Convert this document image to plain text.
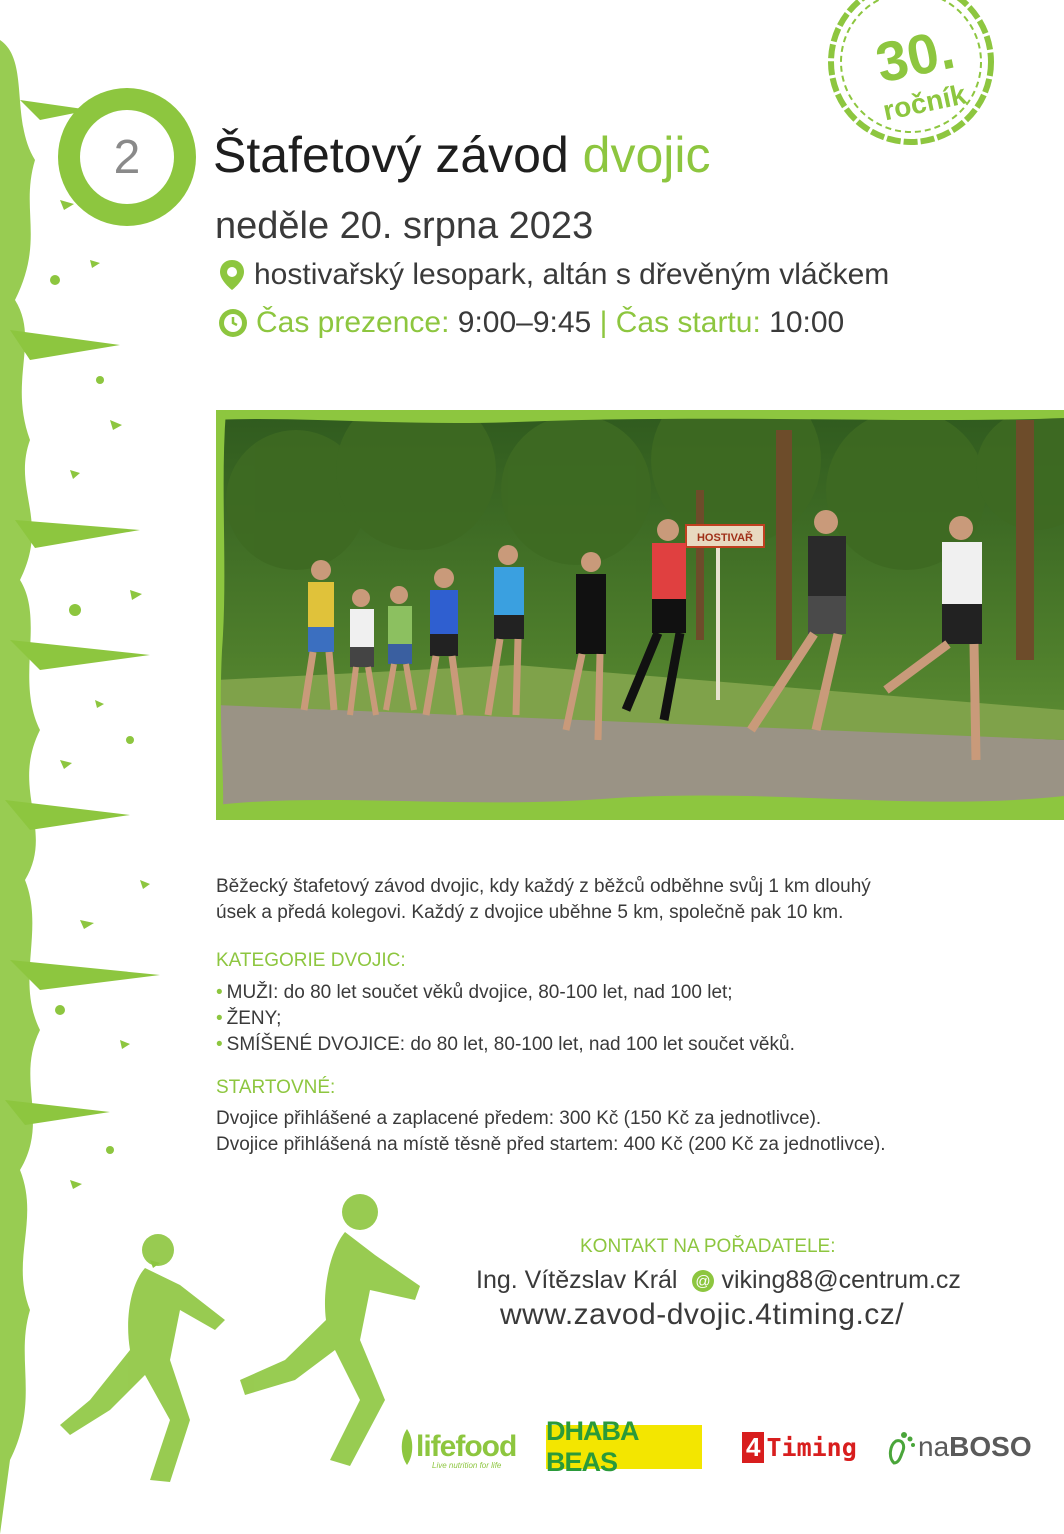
30.
ročník
2	Štafetový závod dvojic
neděle 20. srpna 2023
hostivařský lesopark, altán s dřevěným vláčkem
Čas prezence:
9:00–9:45
|
Čas startu:
10:00
HOSTIVAŘ
Běžecký štafetový závod dvojic, kdy každý z běžců odběhne svůj 1 km dlouhý
úsek a předá kolegovi. Každý z dvojice uběhne 5 km, společně pak 10 km.
KATEGORIE DVOJIC:
• MUŽI: do 80 let součet věků dvojice, 80-100 let, nad 100 let;
• ŽENY;
• SMÍŠENÉ DVOJICE: do 80 let, 80-100 let, nad 100 let součet věků.
STARTOVNÉ:
Dvojice přihlášené a zaplacené předem: 300 Kč (150 Kč za jednotlivce).
Dvojice přihlášená na místě těsně před startem: 400 Kč (200 Kč za jednotlivce).
KONTAKT NA POŘADATELE:
Ing. Vítězslav Král @ viking88@centrum.cz
www.zavod-dvojic.4timing.cz/
lifefood
Live nutrition for life
DHABA BEAS
4 Timing na BOSO
